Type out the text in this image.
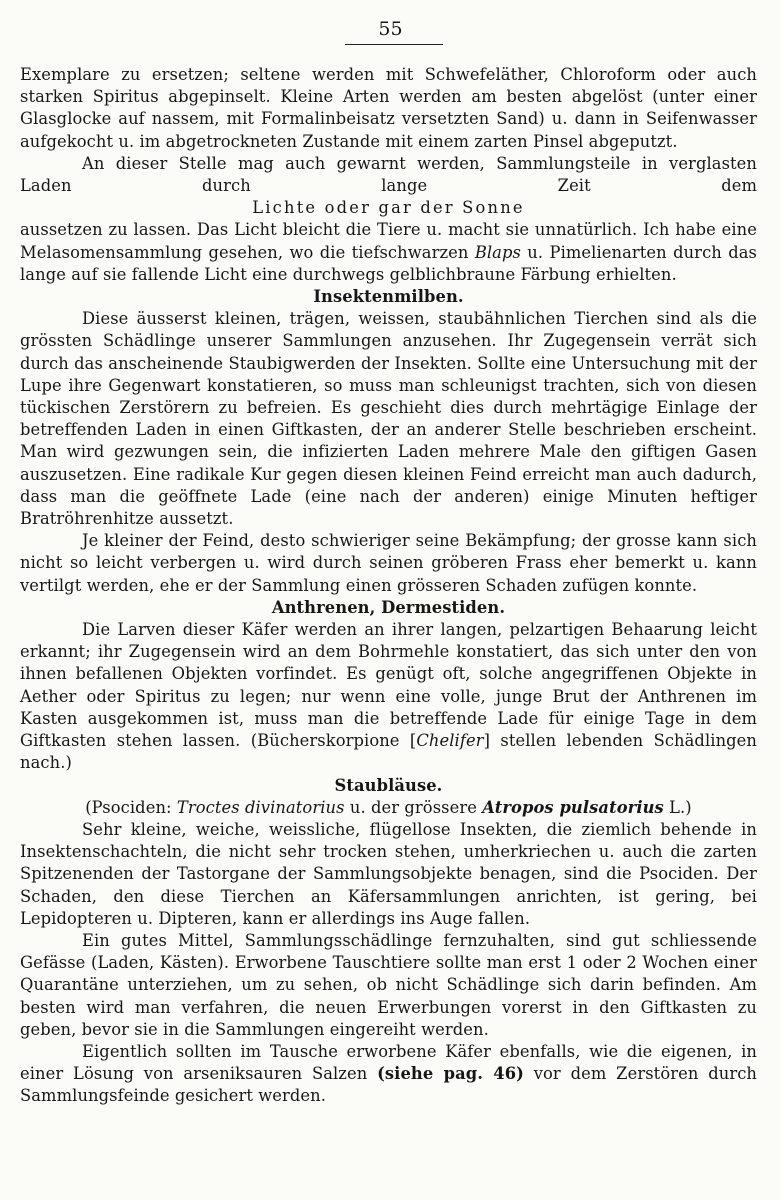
55

Exemplare zu ersetzen; seltene werden mit Schwefeläther, Chloroform oder auch starken Spiritus abgepinselt. Kleine Arten werden am besten abgelöst (unter einer Glasglocke auf nassem, mit Formalinbeisatz versetzten Sand) u. dann in Seifenwasser aufgekocht u. im abgetrockneten Zustande mit einem zarten Pinsel abgeputzt.

An dieser Stelle mag auch gewarnt werden, Sammlungsteile in verglasten Laden durch lange Zeit dem

Lichte oder gar der Sonne

aussetzen zu lassen. Das Licht bleicht die Tiere u. macht sie unnatürlich. Ich habe eine Melasomensammlung gesehen, wo die tiefschwarzen Blaps u. Pimelienarten durch das lange auf sie fallende Licht eine durchwegs gelblichbraune Färbung erhielten.

Insektenmilben.

Diese äusserst kleinen, trägen, weissen, staubähnlichen Tierchen sind als die grössten Schädlinge unserer Sammlungen anzusehen. Ihr Zugegensein verrät sich durch das anscheinende Staubigwerden der Insekten. Sollte eine Untersuchung mit der Lupe ihre Gegenwart konstatieren, so muss man schleunigst trachten, sich von diesen tückischen Zerstörern zu befreien. Es geschieht dies durch mehrtägige Einlage der betreffenden Laden in einen Giftkasten, der an anderer Stelle beschrieben erscheint. Man wird gezwungen sein, die infizierten Laden mehrere Male den giftigen Gasen auszusetzen. Eine radikale Kur gegen diesen kleinen Feind erreicht man auch dadurch, dass man die geöffnete Lade (eine nach der anderen) einige Minuten heftiger Bratröhrenhitze aussetzt.

Je kleiner der Feind, desto schwieriger seine Bekämpfung; der grosse kann sich nicht so leicht verbergen u. wird durch seinen gröberen Frass eher bemerkt u. kann vertilgt werden, ehe er der Sammlung einen grösseren Schaden zufügen konnte.

Anthrenen, Dermestiden.

Die Larven dieser Käfer werden an ihrer langen, pelzartigen Behaarung leicht erkannt; ihr Zugegensein wird an dem Bohrmehle konstatiert, das sich unter den von ihnen befallenen Objekten vorfindet. Es genügt oft, solche angegriffenen Objekte in Aether oder Spiritus zu legen; nur wenn eine volle, junge Brut der Anthrenen im Kasten ausgekommen ist, muss man die betreffende Lade für einige Tage in dem Giftkasten stehen lassen. (Bücherskorpione [Chelifer] stellen lebenden Schädlingen nach.)

Staubläuse.

(Psociden: Troctes divinatorius u. der grössere Atropos pulsatorius L.)

Sehr kleine, weiche, weissliche, flügellose Insekten, die ziemlich behende in Insektenschachteln, die nicht sehr trocken stehen, umherkriechen u. auch die zarten Spitzenenden der Tastorgane der Sammlungsobjekte benagen, sind die Psociden. Der Schaden, den diese Tierchen an Käfersammlungen anrichten, ist gering, bei Lepidopteren u. Dipteren, kann er allerdings ins Auge fallen.

Ein gutes Mittel, Sammlungsschädlinge fernzuhalten, sind gut schliessende Gefässe (Laden, Kästen). Erworbene Tauschtiere sollte man erst 1 oder 2 Wochen einer Quarantäne unterziehen, um zu sehen, ob nicht Schädlinge sich darin befinden. Am besten wird man verfahren, die neuen Erwerbungen vorerst in den Giftkasten zu geben, bevor sie in die Sammlungen eingereiht werden.

Eigentlich sollten im Tausche erworbene Käfer ebenfalls, wie die eigenen, in einer Lösung von arseniksauren Salzen (siehe pag. 46) vor dem Zerstören durch Sammlungsfeinde gesichert werden.
